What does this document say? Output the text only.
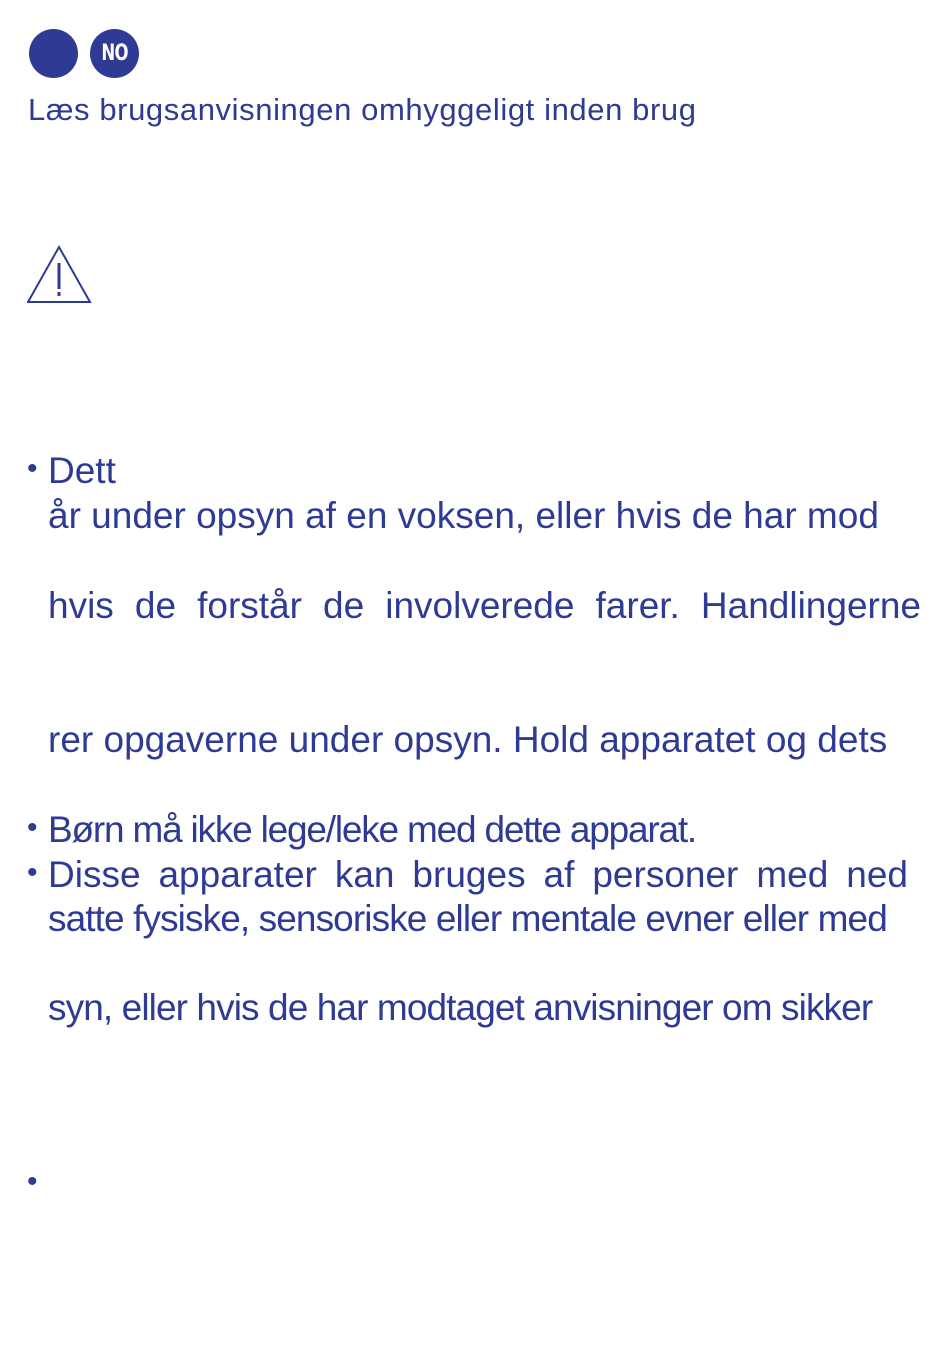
NO
Læs brugsanvisningen omhyggeligt inden brug
• Dett
år under opsyn af en voksen, eller hvis de har mod
hvis de forstår de involverede farer. Handlingerne
rer opgaverne under opsyn. Hold apparatet og dets
• Børn må ikke lege/leke med dette apparat.
• Disse apparater kan bruges af personer med ned
satte fysiske, sensoriske eller mentale evner eller med
syn, eller hvis de har modtaget anvisninger om sikker
•
